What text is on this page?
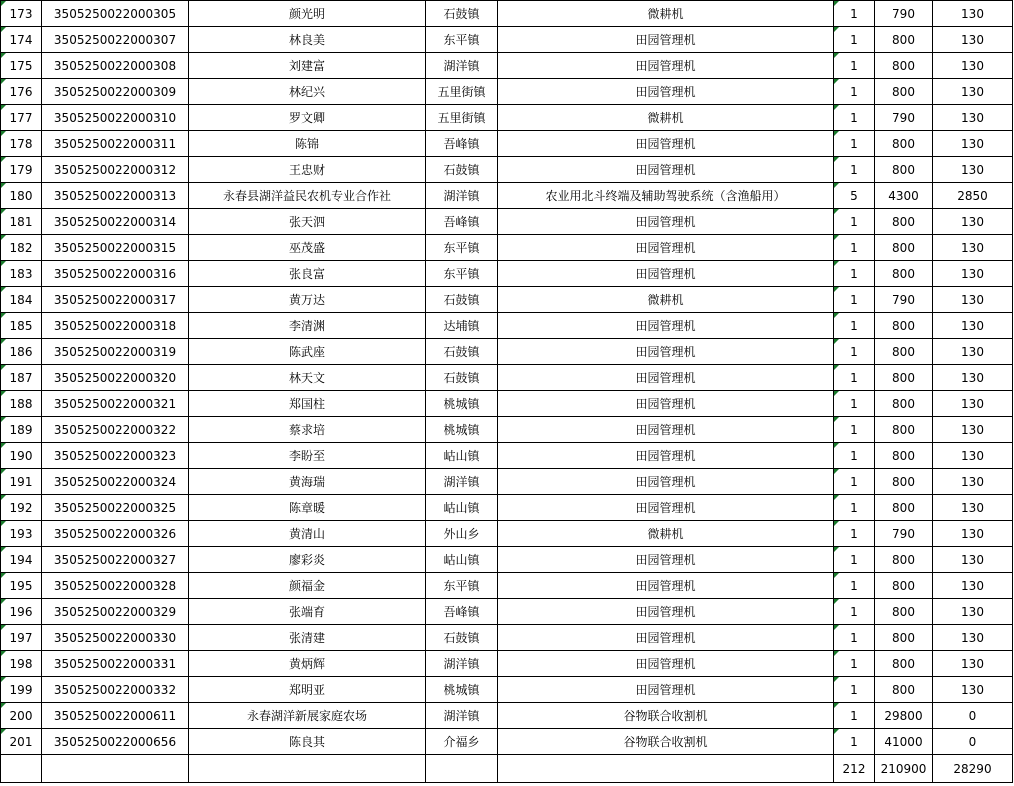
173	3505250022000305	颜光明	石鼓镇	微耕机	1	790	130
174	3505250022000307	林良美	东平镇	田园管理机	1	800	130
175	3505250022000308	刘建富	湖洋镇	田园管理机	1	800	130
176	3505250022000309	林纪兴	五里街镇	田园管理机	1	800	130
177	3505250022000310	罗文卿	五里街镇	微耕机	1	790	130
178	3505250022000311	陈锦	吾峰镇	田园管理机	1	800	130
179	3505250022000312	王忠财	石鼓镇	田园管理机	1	800	130
180	3505250022000313	永春县湖洋益民农机专业合作社	湖洋镇	农业用北斗终端及辅助驾驶系统（含渔船用）	5	4300	2850
181	3505250022000314	张天泗	吾峰镇	田园管理机	1	800	130
182	3505250022000315	巫茂盛	东平镇	田园管理机	1	800	130
183	3505250022000316	张良富	东平镇	田园管理机	1	800	130
184	3505250022000317	黄万达	石鼓镇	微耕机	1	790	130
185	3505250022000318	李清渊	达埔镇	田园管理机	1	800	130
186	3505250022000319	陈武座	石鼓镇	田园管理机	1	800	130
187	3505250022000320	林天文	石鼓镇	田园管理机	1	800	130
188	3505250022000321	郑国柱	桃城镇	田园管理机	1	800	130
189	3505250022000322	蔡求培	桃城镇	田园管理机	1	800	130
190	3505250022000323	李盼至	岵山镇	田园管理机	1	800	130
191	3505250022000324	黄海瑞	湖洋镇	田园管理机	1	800	130
192	3505250022000325	陈章暖	岵山镇	田园管理机	1	800	130
193	3505250022000326	黄清山	外山乡	微耕机	1	790	130
194	3505250022000327	廖彩炎	岵山镇	田园管理机	1	800	130
195	3505250022000328	颜福金	东平镇	田园管理机	1	800	130
196	3505250022000329	张端育	吾峰镇	田园管理机	1	800	130
197	3505250022000330	张清建	石鼓镇	田园管理机	1	800	130
198	3505250022000331	黄炳辉	湖洋镇	田园管理机	1	800	130
199	3505250022000332	郑明亚	桃城镇	田园管理机	1	800	130
200	3505250022000611	永春湖洋新展家庭农场	湖洋镇	谷物联合收割机	1	29800	0
201	3505250022000656	陈良其	介福乡	谷物联合收割机	1	41000	0
					212	210900	28290
